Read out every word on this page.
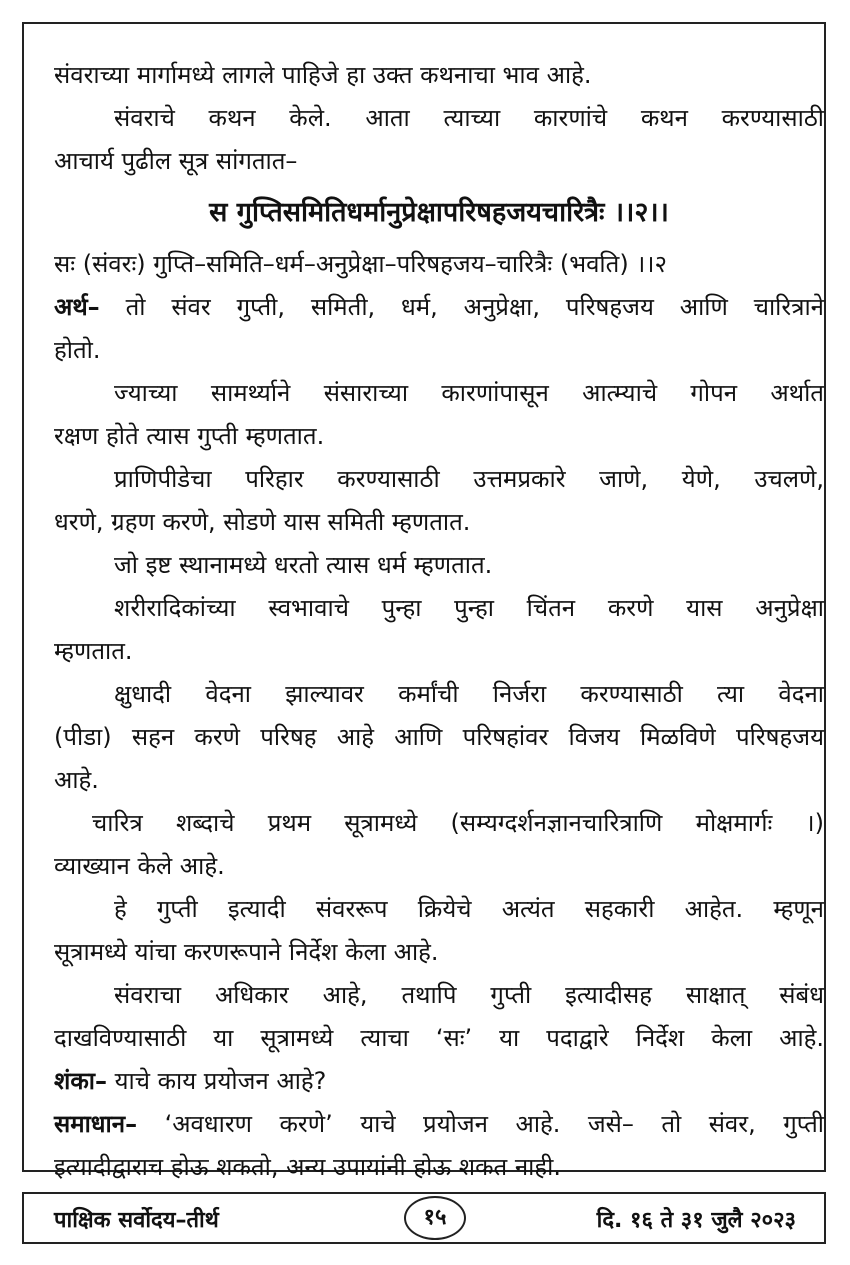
संवराच्या मार्गामध्ये लागले पाहिजे हा उक्त कथनाचा भाव आहे.

संवराचे कथन केले. आता त्याच्या कारणांचे कथन करण्यासाठी

आचार्य पुढील सूत्र सांगतात–

स गुप्तिसमितिधर्मानुप्रेक्षापरिषहजयचारित्रैः ।।२।।

सः (संवरः) गुप्ति–समिति–धर्म–अनुप्रेक्षा–परिषहजय–चारित्रैः (भवति) ।।२

अर्थ– तो संवर गुप्ती, समिती, धर्म, अनुप्रेक्षा, परिषहजय आणि चारित्राने

होतो.

ज्याच्या सामर्थ्याने संसाराच्या कारणांपासून आत्म्याचे गोपन अर्थात

रक्षण होते त्यास गुप्ती म्हणतात.

प्राणिपीडेचा परिहार करण्यासाठी उत्तमप्रकारे जाणे, येणे, उचलणे,

धरणे, ग्रहण करणे, सोडणे यास समिती म्हणतात.

जो इष्ट स्थानामध्ये धरतो त्यास धर्म म्हणतात.

शरीरादिकांच्या स्वभावाचे पुन्हा पुन्हा चिंतन करणे यास अनुप्रेक्षा

म्हणतात.

क्षुधादी वेदना झाल्यावर कर्मांची निर्जरा करण्यासाठी त्या वेदना

(पीडा) सहन करणे परिषह आहे आणि परिषहांवर विजय मिळविणे परिषहजय

आहे.

चारित्र शब्दाचे प्रथम सूत्रामध्ये (सम्यग्दर्शनज्ञानचारित्राणि मोक्षमार्गः ।)

व्याख्यान केले आहे.

हे गुप्ती इत्यादी संवररूप क्रियेचे अत्यंत सहकारी आहेत. म्हणून

सूत्रामध्ये यांचा करणरूपाने निर्देश केला आहे.

संवराचा अधिकार आहे, तथापि गुप्ती इत्यादीसह साक्षात् संबंध

दाखविण्यासाठी या सूत्रामध्ये त्याचा ‘सः’ या पदाद्वारे निर्देश केला आहे.

शंका– याचे काय प्रयोजन आहे?

समाधान– ‘अवधारण करणे’ याचे प्रयोजन आहे. जसे– तो संवर, गुप्ती

इत्यादीद्वाराच होऊ शकतो, अन्य उपायांनी होऊ शकत नाही.

पाक्षिक सर्वोदय–तीर्थ	१५	दि. १६ ते ३१ जुलै २०२३
